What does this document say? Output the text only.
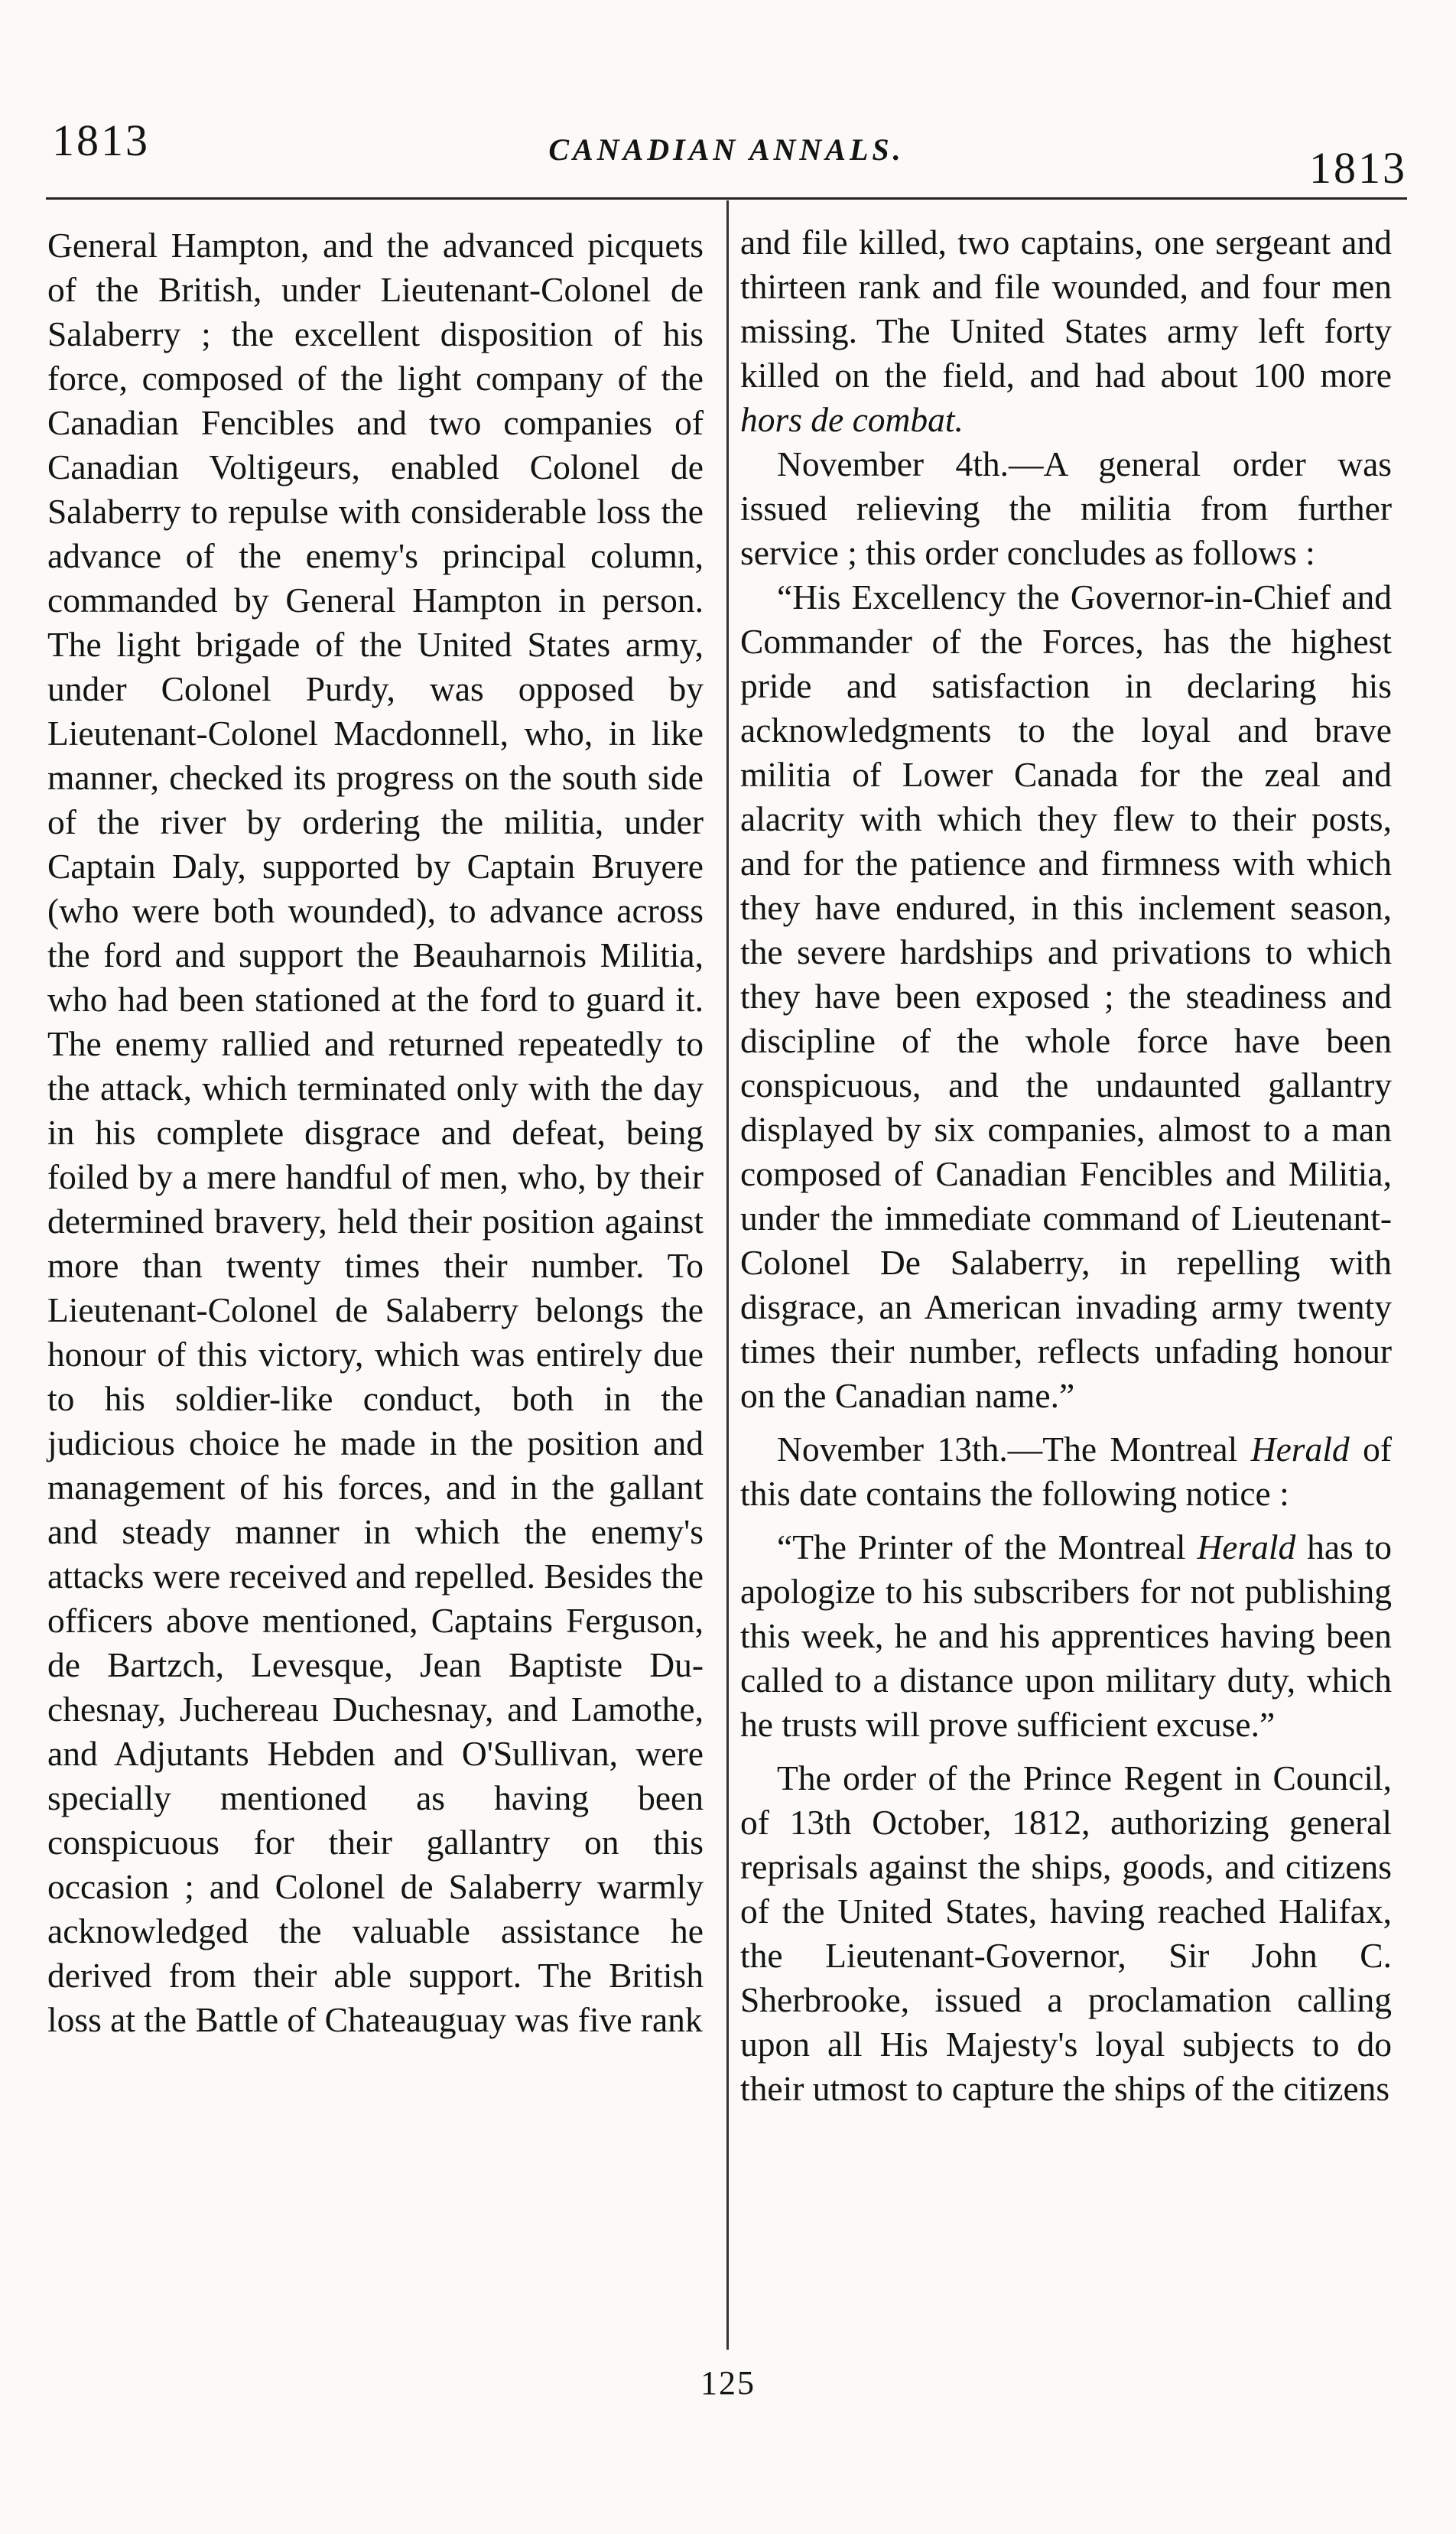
1813	CANADIAN ANNALS.	1813

General Hampton, and the advanced picquets of the British, under Lieutenant-Colonel de Salaberry ; the excellent disposition of his force, composed of the light company of the Canadian Fencibles and two companies of Canadian Voltigeurs, enabled Colonel de Salaberry to repulse with considerable loss the advance of the enemy's principal column, commanded by General Hampton in person. The light brigade of the United States army, under Colonel Purdy, was opposed by Lieutenant-Colonel Macdonnell, who, in like manner, checked its progress on the south side of the river by ordering the militia, under Captain Daly, supported by Captain Bruyere (who were both wounded), to advance across the ford and support the Beauharnois Militia, who had been stationed at the ford to guard it. The enemy rallied and returned repeatedly to the attack, which terminated only with the day in his complete disgrace and defeat, being foiled by a mere handful of men, who, by their determined bravery, held their position against more than twenty times their number. To Lieutenant-Colonel de Salaberry belongs the honour of this victory, which was entirely due to his soldier-like conduct, both in the judicious choice he made in the position and management of his forces, and in the gallant and steady manner in which the enemy's attacks were received and repelled. Besides the officers above mentioned, Captains Ferguson, de Bartzch, Levesque, Jean Baptiste Duchesnay, Juchereau Duchesnay, and Lamothe, and Adjutants Hebden and O'Sullivan, were specially mentioned as having been conspicuous for their gallantry on this occasion ; and Colonel de Salaberry warmly acknowledged the valuable assistance he derived from their able support. The British loss at the Battle of Chateauguay was five rank

and file killed, two captains, one sergeant and thirteen rank and file wounded, and four men missing. The United States army left forty killed on the field, and had about 100 more hors de combat.

November 4th.—A general order was issued relieving the militia from further service ; this order concludes as follows :

“His Excellency the Governor-in-Chief and Commander of the Forces, has the highest pride and satisfaction in declaring his acknowledgments to the loyal and brave militia of Lower Canada for the zeal and alacrity with which they flew to their posts, and for the patience and firmness with which they have endured, in this inclement season, the severe hardships and privations to which they have been exposed ; the steadiness and discipline of the whole force have been conspicuous, and the undaunted gallantry displayed by six companies, almost to a man composed of Canadian Fencibles and Militia, under the immediate command of Lieutenant-Colonel De Salaberry, in repelling with disgrace, an American invading army twenty times their number, reflects unfading honour on the Canadian name.”

November 13th.—The Montreal Herald of this date contains the following notice :

“The Printer of the Montreal Herald has to apologize to his subscribers for not publishing this week, he and his apprentices having been called to a distance upon military duty, which he trusts will prove sufficient excuse.”

The order of the Prince Regent in Council, of 13th October, 1812, authorizing general reprisals against the ships, goods, and citizens of the United States, having reached Halifax, the Lieutenant-Governor, Sir John C. Sherbrooke, issued a proclamation calling upon all His Majesty's loyal subjects to do their utmost to capture the ships of the citizens

125
